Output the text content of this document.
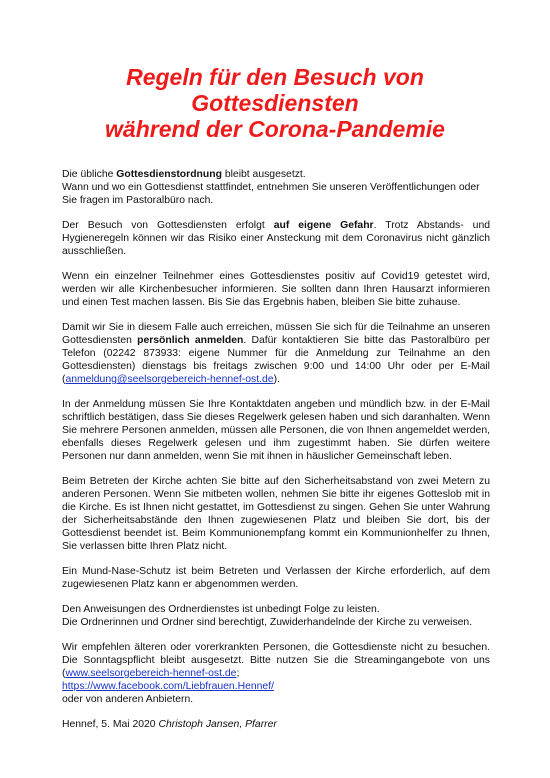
Regeln für den Besuch von
Gottesdiensten
während der Corona-Pandemie

Die übliche Gottesdienstordnung bleibt ausgesetzt.
Wann und wo ein Gottesdienst stattfindet, entnehmen Sie unseren Veröffentlichungen oder Sie fragen im Pastoralbüro nach.

Der Besuch von Gottesdiensten erfolgt auf eigene Gefahr. Trotz Abstands- und Hygieneregeln können wir das Risiko einer Ansteckung mit dem Coronavirus nicht gänzlich ausschließen.

Wenn ein einzelner Teilnehmer eines Gottesdienstes positiv auf Covid19 getestet wird, werden wir alle Kirchenbesucher informieren. Sie sollten dann Ihren Hausarzt informieren und einen Test machen lassen. Bis Sie das Ergebnis haben, bleiben Sie bitte zuhause.

Damit wir Sie in diesem Falle auch erreichen, müssen Sie sich für die Teilnahme an unseren Gottesdiensten persönlich anmelden. Dafür kontaktieren Sie bitte das Pastoralbüro per Telefon (02242 873933: eigene Nummer für die Anmeldung zur Teilnahme an den Gottesdiensten) dienstags bis freitags zwischen 9:00 und 14:00 Uhr oder per E-Mail (anmeldung@seelsorgebereich-hennef-ost.de).

In der Anmeldung müssen Sie Ihre Kontaktdaten angeben und mündlich bzw. in der E-Mail schriftlich bestätigen, dass Sie dieses Regelwerk gelesen haben und sich daranhalten. Wenn Sie mehrere Personen anmelden, müssen alle Personen, die von Ihnen angemeldet werden, ebenfalls dieses Regelwerk gelesen und ihm zugestimmt haben. Sie dürfen weitere Personen nur dann anmelden, wenn Sie mit ihnen in häuslicher Gemeinschaft leben.

Beim Betreten der Kirche achten Sie bitte auf den Sicherheitsabstand von zwei Metern zu anderen Personen. Wenn Sie mitbeten wollen, nehmen Sie bitte ihr eigenes Gotteslob mit in die Kirche. Es ist Ihnen nicht gestattet, im Gottesdienst zu singen. Gehen Sie unter Wahrung der Sicherheitsabstände den Ihnen zugewiesenen Platz und bleiben Sie dort, bis der Gottesdienst beendet ist. Beim Kommunionempfang kommt ein Kommunionhelfer zu Ihnen, Sie verlassen bitte Ihren Platz nicht.

Ein Mund-Nase-Schutz ist beim Betreten und Verlassen der Kirche erforderlich, auf dem zugewiesenen Platz kann er abgenommen werden.

Den Anweisungen des Ordnerdienstes ist unbedingt Folge zu leisten.
Die Ordnerinnen und Ordner sind berechtigt, Zuwiderhandelnde der Kirche zu verweisen.

Wir empfehlen älteren oder vorerkrankten Personen, die Gottesdienste nicht zu besuchen. Die Sonntagspflicht bleibt ausgesetzt. Bitte nutzen Sie die Streamingangebote von uns (www.seelsorgebereich-hennef-ost.de;
https://www.facebook.com/Liebfrauen.Hennef/
oder von anderen Anbietern.

Hennef, 5. Mai 2020 Christoph Jansen, Pfarrer
